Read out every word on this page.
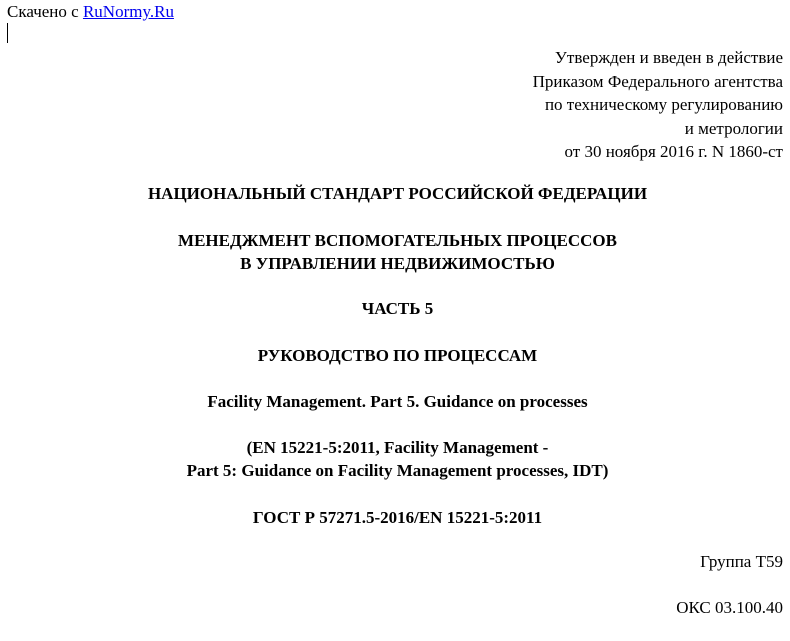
Скачено с RuNormy.Ru
Утвержден и введен в действие
Приказом Федерального агентства
по техническому регулированию
и метрологии
от 30 ноября 2016 г. N 1860-ст
НАЦИОНАЛЬНЫЙ СТАНДАРТ РОССИЙСКОЙ ФЕДЕРАЦИИ
МЕНЕДЖМЕНТ ВСПОМОГАТЕЛЬНЫХ ПРОЦЕССОВ
В УПРАВЛЕНИИ НЕДВИЖИМОСТЬЮ
ЧАСТЬ 5
РУКОВОДСТВО ПО ПРОЦЕССАМ
Facility Management. Part 5. Guidance on processes
(EN 15221-5:2011, Facility Management -
Part 5: Guidance on Facility Management processes, IDT)
ГОСТ Р 57271.5-2016/EN 15221-5:2011
Группа Т59
ОКС 03.100.40
